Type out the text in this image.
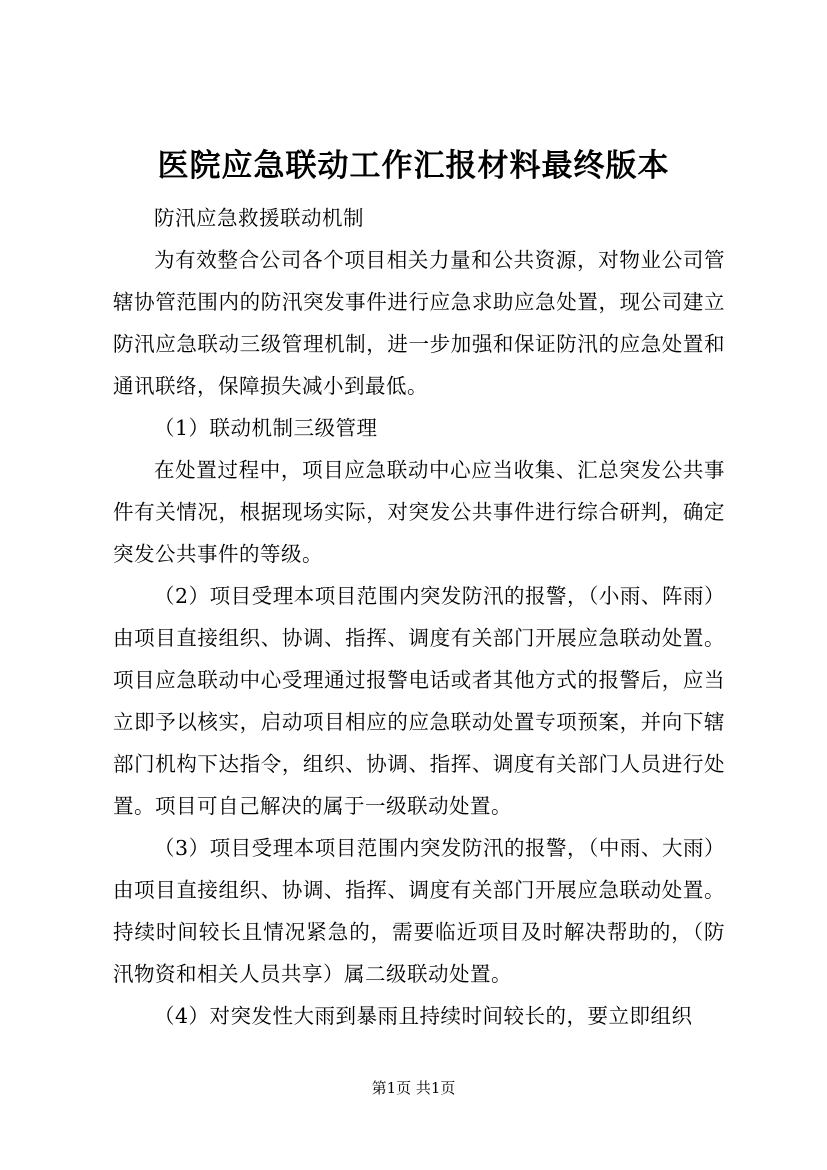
医院应急联动工作汇报材料最终版本

防汛应急救援联动机制

为有效整合公司各个项目相关力量和公共资源，对物业公司管辖协管范围内的防汛突发事件进行应急求助应急处置，现公司建立防汛应急联动三级管理机制，进一步加强和保证防汛的应急处置和通讯联络，保障损失减小到最低。

（1）联动机制三级管理

在处置过程中，项目应急联动中心应当收集、汇总突发公共事件有关情况，根据现场实际，对突发公共事件进行综合研判，确定突发公共事件的等级。

（2）项目受理本项目范围内突发防汛的报警，（小雨、阵雨）由项目直接组织、协调、指挥、调度有关部门开展应急联动处置。项目应急联动中心受理通过报警电话或者其他方式的报警后，应当立即予以核实，启动项目相应的应急联动处置专项预案，并向下辖部门机构下达指令，组织、协调、指挥、调度有关部门人员进行处置。项目可自己解决的属于一级联动处置。

（3）项目受理本项目范围内突发防汛的报警，（中雨、大雨）由项目直接组织、协调、指挥、调度有关部门开展应急联动处置。持续时间较长且情况紧急的，需要临近项目及时解决帮助的，（防汛物资和相关人员共享）属二级联动处置。

（4）对突发性大雨到暴雨且持续时间较长的，要立即组织

第1页 共1页
